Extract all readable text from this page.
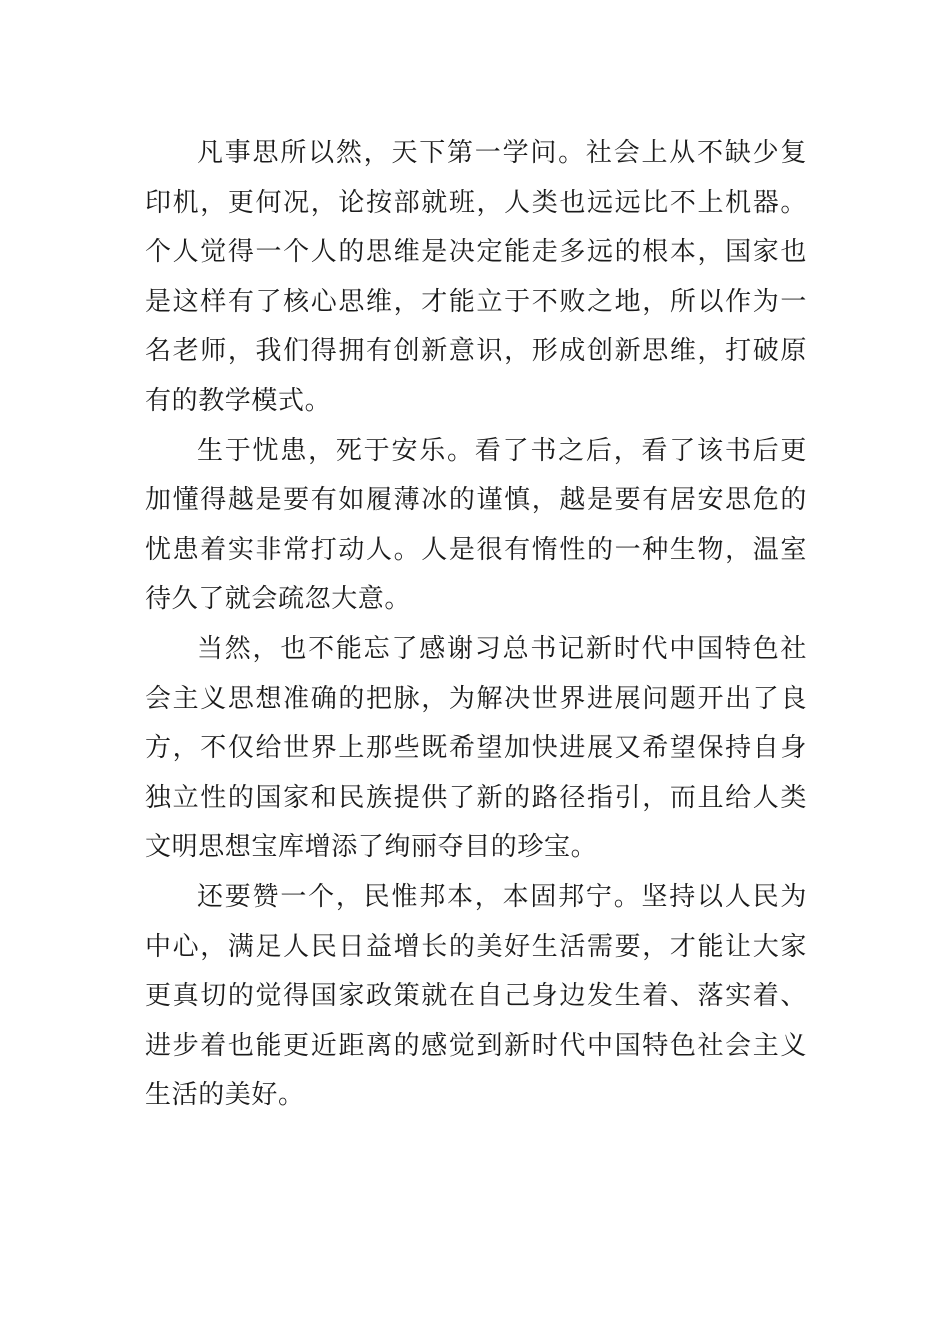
凡事思所以然，天下第一学问。社会上从不缺少复印机，更何况，论按部就班，人类也远远比不上机器。个人觉得一个人的思维是决定能走多远的根本，国家也是这样有了核心思维，才能立于不败之地，所以作为一名老师，我们得拥有创新意识，形成创新思维，打破原有的教学模式。

生于忧患，死于安乐。看了书之后，看了该书后更加懂得越是要有如履薄冰的谨慎，越是要有居安思危的忧患着实非常打动人。人是很有惰性的一种生物，温室待久了就会疏忽大意。

当然，也不能忘了感谢习总书记新时代中国特色社会主义思想准确的把脉，为解决世界进展问题开出了良方，不仅给世界上那些既希望加快进展又希望保持自身独立性的国家和民族提供了新的路径指引，而且给人类文明思想宝库增添了绚丽夺目的珍宝。

还要赞一个，民惟邦本，本固邦宁。坚持以人民为中心，满足人民日益增长的美好生活需要，才能让大家更真切的觉得国家政策就在自己身边发生着、落实着、进步着也能更近距离的感觉到新时代中国特色社会主义生活的美好。
